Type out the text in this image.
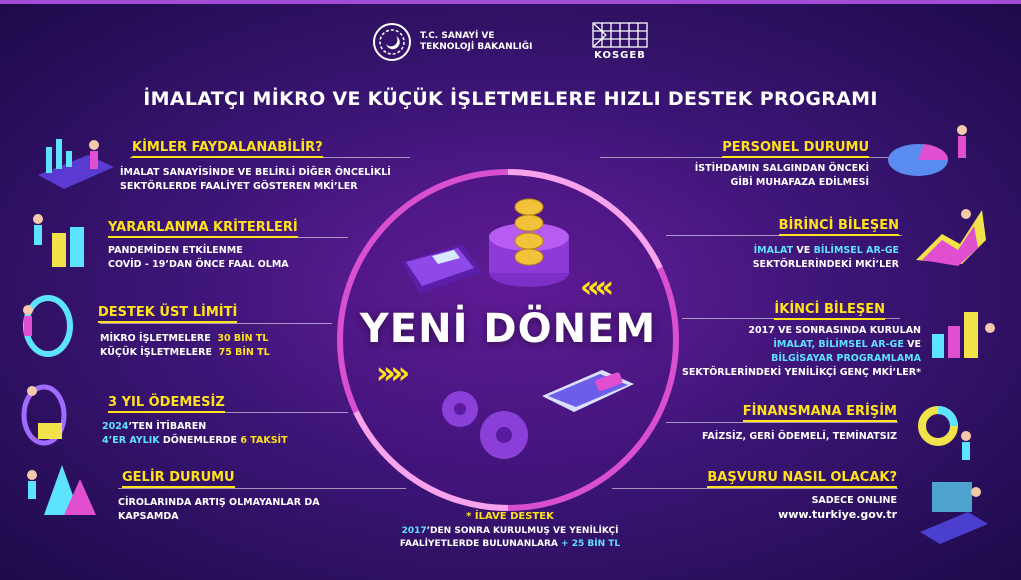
T.C. SANAYİ VE
TEKNOLOJİ BAKANLIĞI
KOSGEB
İMALATÇI MİKRO VE KÜÇÜK İŞLETMELERE HIZLI DESTEK PROGRAMI
«««
»»»
YENİ DÖNEM
KİMLER FAYDALANABİLİR?
İMALAT SANAYİSİNDE VE BELİRLİ DİĞER ÖNCELİKLİ
SEKTÖRLERDE FAALİYET GÖSTEREN MKİ’LER
YARARLANMA KRİTERLERİ
PANDEMİDEN ETKİLENME
COVİD - 19’DAN ÖNCE FAAL OLMA
DESTEK ÜST LİMİTİ
MİKRO İŞLETMELERE 30 BİN TL
KÜÇÜK İŞLETMELERE 75 BİN TL
3 YIL ÖDEMESİZ
2024’TEN İTİBAREN
4’ER AYLIK DÖNEMLERDE 6 TAKSİT
GELİR DURUMU
CİROLARINDA ARTIŞ OLMAYANLAR DA
KAPSAMDA
PERSONEL DURUMU
İSTİHDAMIN SALGINDAN ÖNCEKİ
GİBİ MUHAFAZA EDİLMESİ
BİRİNCİ BİLEŞEN
İMALAT VE BİLİMSEL AR-GE
SEKTÖRLERİNDEKİ MKİ’LER
İKİNCİ BİLEŞEN
2017 VE SONRASINDA KURULAN
İMALAT, BİLİMSEL AR-GE VE
BİLGİSAYAR PROGRAMLAMA
SEKTÖRLERİNDEKİ YENİLİKÇİ GENÇ MKİ’LER*
FİNANSMANA ERİŞİM
FAİZSİZ, GERİ ÖDEMELİ, TEMİNATSIZ
BAŞVURU NASIL OLACAK?
SADECE ONLINE
www.turkiye.gov.tr
* İLAVE DESTEK
2017’DEN SONRA KURULMUŞ VE YENİLİKÇİ
FAALİYETLERDE BULUNANLARA + 25 BİN TL
